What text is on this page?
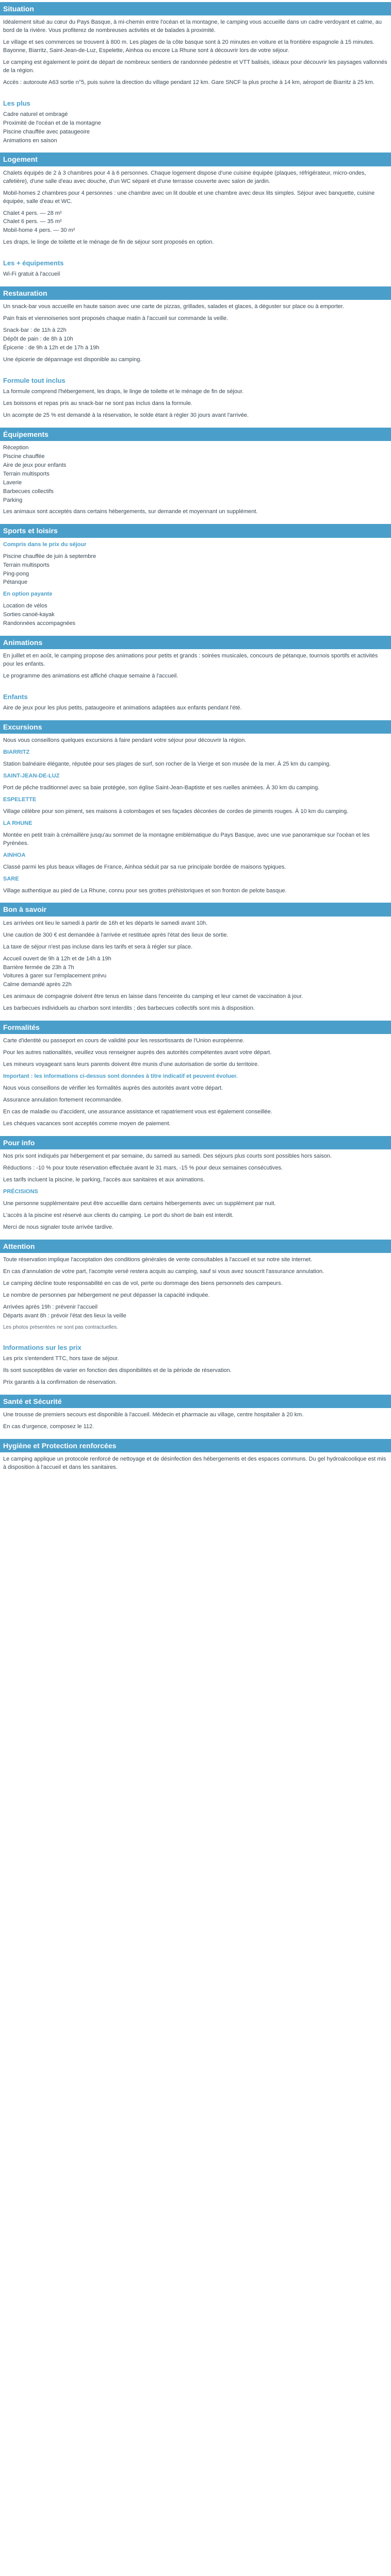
Situation

Idéalement situé au cœur du Pays Basque, à mi-chemin entre l'océan et la montagne, le camping vous accueille dans un cadre verdoyant et calme, au bord de la rivière. Vous profiterez de nombreuses activités et de balades à proximité.

Le village et ses commerces se trouvent à 800 m. Les plages de la côte basque sont à 20 minutes en voiture et la frontière espagnole à 15 minutes. Bayonne, Biarritz, Saint-Jean-de-Luz, Espelette, Ainhoa ou encore La Rhune sont à découvrir lors de votre séjour.

Le camping est également le point de départ de nombreux sentiers de randonnée pédestre et VTT balisés, idéaux pour découvrir les paysages vallonnés de la région.

Accès : autoroute A63 sortie n°5, puis suivre la direction du village pendant 12 km. Gare SNCF la plus proche à 14 km, aéroport de Biarritz à 25 km.

Les plus
Cadre naturel et ombragé
Proximité de l'océan et de la montagne
Piscine chauffée avec pataugeoire
Animations en saison
Logement

Chalets équipés de 2 à 3 chambres pour 4 à 6 personnes. Chaque logement dispose d'une cuisine équipée (plaques, réfrigérateur, micro-ondes, cafetière), d'une salle d'eau avec douche, d'un WC séparé et d'une terrasse couverte avec salon de jardin.

Mobil-homes 2 chambres pour 4 personnes : une chambre avec un lit double et une chambre avec deux lits simples. Séjour avec banquette, cuisine équipée, salle d'eau et WC.

Chalet 4 pers. — 28 m²
Chalet 6 pers. — 35 m²
Mobil-home 4 pers. — 30 m²

Les draps, le linge de toilette et le ménage de fin de séjour sont proposés en option.

Les + équipements

Wi-Fi gratuit à l'accueil

Restauration

Un snack-bar vous accueille en haute saison avec une carte de pizzas, grillades, salades et glaces, à déguster sur place ou à emporter.

Pain frais et viennoiseries sont proposés chaque matin à l'accueil sur commande la veille.

Snack-bar : de 11h à 22h
Dépôt de pain : de 8h à 10h
Épicerie : de 9h à 12h et de 17h à 19h

Une épicerie de dépannage est disponible au camping.

Formule tout inclus

La formule comprend l'hébergement, les draps, le linge de toilette et le ménage de fin de séjour.

Les boissons et repas pris au snack-bar ne sont pas inclus dans la formule.

Un acompte de 25 % est demandé à la réservation, le solde étant à régler 30 jours avant l'arrivée.

Équipements
Réception
Piscine chauffée
Aire de jeux pour enfants
Terrain multisports
Laverie
Barbecues collectifs
Parking

Les animaux sont acceptés dans certains hébergements, sur demande et moyennant un supplément.

Sports et loisirs

Compris dans le prix du séjour

Piscine chauffée de juin à septembre
Terrain multisports
Ping-pong
Pétanque

En option payante

Location de vélos
Sorties canoë-kayak
Randonnées accompagnées
Animations

En juillet et en août, le camping propose des animations pour petits et grands : soirées musicales, concours de pétanque, tournois sportifs et activités pour les enfants.

Le programme des animations est affiché chaque semaine à l'accueil.

Enfants

Aire de jeux pour les plus petits, pataugeoire et animations adaptées aux enfants pendant l'été.

Excursions

Nous vous conseillons quelques excursions à faire pendant votre séjour pour découvrir la région.

BIARRITZ

Station balnéaire élégante, réputée pour ses plages de surf, son rocher de la Vierge et son musée de la mer. À 25 km du camping.

SAINT-JEAN-DE-LUZ

Port de pêche traditionnel avec sa baie protégée, son église Saint-Jean-Baptiste et ses ruelles animées. À 30 km du camping.

ESPELETTE

Village célèbre pour son piment, ses maisons à colombages et ses façades décorées de cordes de piments rouges. À 10 km du camping.

LA RHUNE

Montée en petit train à crémaillère jusqu'au sommet de la montagne emblématique du Pays Basque, avec une vue panoramique sur l'océan et les Pyrénées.

AINHOA

Classé parmi les plus beaux villages de France, Ainhoa séduit par sa rue principale bordée de maisons typiques.

SARE

Village authentique au pied de La Rhune, connu pour ses grottes préhistoriques et son fronton de pelote basque.

Bon à savoir

Les arrivées ont lieu le samedi à partir de 16h et les départs le samedi avant 10h.

Une caution de 300 € est demandée à l'arrivée et restituée après l'état des lieux de sortie.

La taxe de séjour n'est pas incluse dans les tarifs et sera à régler sur place.

Accueil ouvert de 9h à 12h et de 14h à 19h
Barrière fermée de 23h à 7h
Voitures à garer sur l'emplacement prévu
Calme demandé après 22h

Les animaux de compagnie doivent être tenus en laisse dans l'enceinte du camping et leur carnet de vaccination à jour.

Les barbecues individuels au charbon sont interdits ; des barbecues collectifs sont mis à disposition.

Formalités

Carte d'identité ou passeport en cours de validité pour les ressortissants de l'Union européenne.

Pour les autres nationalités, veuillez vous renseigner auprès des autorités compétentes avant votre départ.

Les mineurs voyageant sans leurs parents doivent être munis d'une autorisation de sortie du territoire.

Important : les informations ci-dessus sont données à titre indicatif et peuvent évoluer.

Nous vous conseillons de vérifier les formalités auprès des autorités avant votre départ.

Assurance annulation fortement recommandée.

En cas de maladie ou d'accident, une assurance assistance et rapatriement vous est également conseillée.

Les chèques vacances sont acceptés comme moyen de paiement.

Pour info

Nos prix sont indiqués par hébergement et par semaine, du samedi au samedi. Des séjours plus courts sont possibles hors saison.

Réductions : -10 % pour toute réservation effectuée avant le 31 mars, -15 % pour deux semaines consécutives.

Les tarifs incluent la piscine, le parking, l'accès aux sanitaires et aux animations.

PRÉCISIONS

Une personne supplémentaire peut être accueillie dans certains hébergements avec un supplément par nuit.

L'accès à la piscine est réservé aux clients du camping. Le port du short de bain est interdit.

Merci de nous signaler toute arrivée tardive.

Attention

Toute réservation implique l'acceptation des conditions générales de vente consultables à l'accueil et sur notre site internet.

En cas d'annulation de votre part, l'acompte versé restera acquis au camping, sauf si vous avez souscrit l'assurance annulation.

Le camping décline toute responsabilité en cas de vol, perte ou dommage des biens personnels des campeurs.

Le nombre de personnes par hébergement ne peut dépasser la capacité indiquée.

Arrivées après 19h : prévenir l'accueil
Départs avant 8h : prévoir l'état des lieux la veille

Les photos présentées ne sont pas contractuelles.

Informations sur les prix

Les prix s'entendent TTC, hors taxe de séjour.

Ils sont susceptibles de varier en fonction des disponibilités et de la période de réservation.

Prix garantis à la confirmation de réservation.

Santé et Sécurité

Une trousse de premiers secours est disponible à l'accueil. Médecin et pharmacie au village, centre hospitalier à 20 km.

En cas d'urgence, composez le 112.

Hygiène et Protection renforcées

Le camping applique un protocole renforcé de nettoyage et de désinfection des hébergements et des espaces communs. Du gel hydroalcoolique est mis à disposition à l'accueil et dans les sanitaires.
